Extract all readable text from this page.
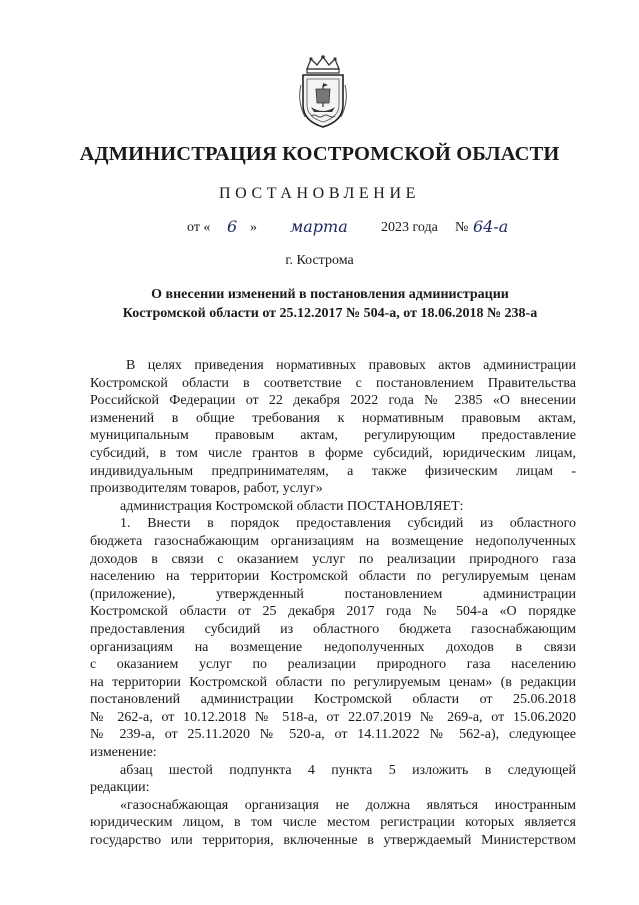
АДМИНИСТРАЦИЯ КОСТРОМСКОЙ ОБЛАСТИ
ПОСТАНОВЛЕНИЕ
от « 6 » марта 2023 года № 64-а
г. Кострома
О внесении изменений в постановления администрации
Костромской области от 25.12.2017 № 504-а, от 18.06.2018 № 238-а
В целях приведения нормативных правовых актов администрации
Костромской области в соответствие с постановлением Правительства
Российской Федерации от 22 декабря 2022 года № 2385 «О внесении
изменений в общие требования к нормативным правовым актам,
муниципальным правовым актам, регулирующим предоставление
субсидий, в том числе грантов в форме субсидий, юридическим лицам,
индивидуальным предпринимателям, а также физическим лицам -
производителям товаров, работ, услуг»
администрация Костромской области ПОСТАНОВЛЯЕТ:
1. Внести в порядок предоставления субсидий из областного
бюджета газоснабжающим организациям на возмещение недополученных
доходов в связи с оказанием услуг по реализации природного газа
населению на территории Костромской области по регулируемым ценам
(приложение), утвержденный постановлением администрации
Костромской области от 25 декабря 2017 года № 504-а «О порядке
предоставления субсидий из областного бюджета газоснабжающим
организациям на возмещение недополученных доходов в связи
с оказанием услуг по реализации природного газа населению
на территории Костромской области по регулируемым ценам» (в редакции
постановлений администрации Костромской области от 25.06.2018
№ 262-а, от 10.12.2018 № 518-а, от 22.07.2019 № 269-а, от 15.06.2020
№ 239-а, от 25.11.2020 № 520-а, от 14.11.2022 № 562-а), следующее
изменение:
абзац шестой подпункта 4 пункта 5 изложить в следующей
редакции:
«газоснабжающая организация не должна являться иностранным
юридическим лицом, в том числе местом регистрации которых является
государство или территория, включенные в утверждаемый Министерством
